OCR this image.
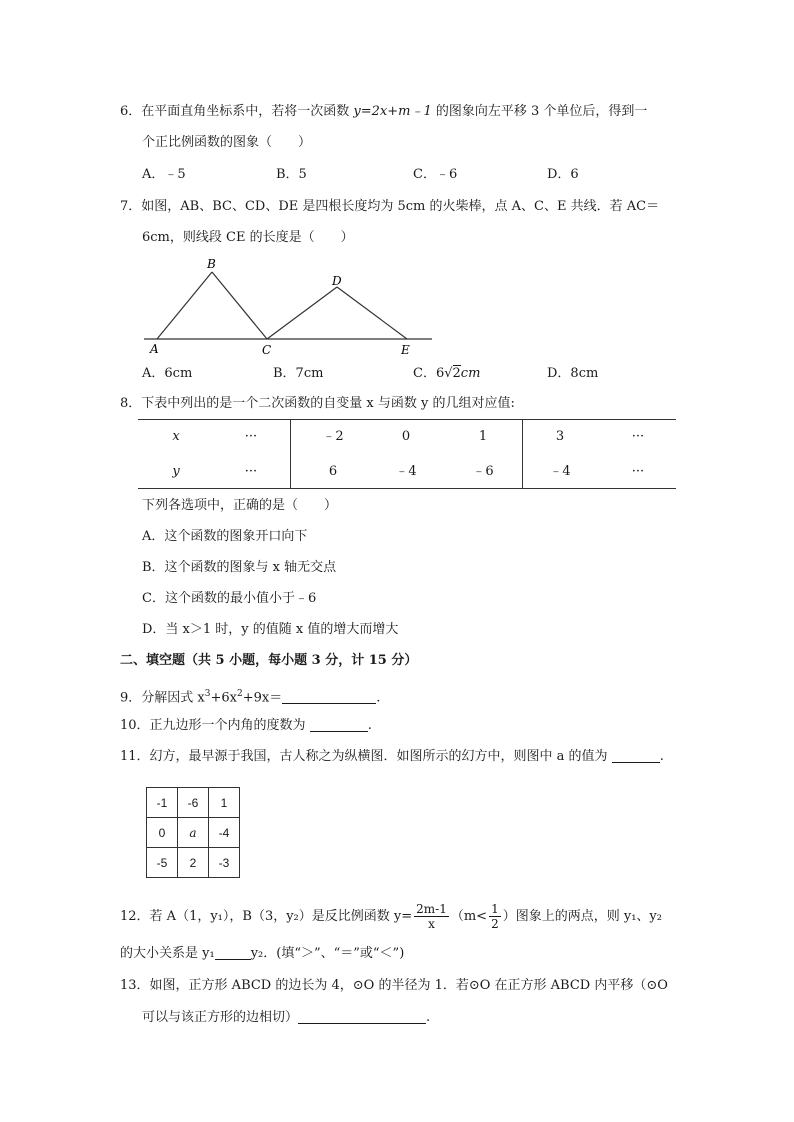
6．在平面直角坐标系中，若将一次函数 y=2x+m﹣1 的图象向左平移 3 个单位后，得到一
个正比例函数的图象（　　）
A．﹣5	B．5	C．﹣6	D．6
7．如图，AB、BC、CD、DE 是四根长度均为 5cm 的火柴棒，点 A、C、E 共线．若 AC＝
6cm，则线段 CE 的长度是（　　）
A
B
C
D
E
A．6cm	B．7cm	C．6√2cm	D．8cm
8．下表中列出的是一个二次函数的自变量 x 与函数 y 的几组对应值:
x	···	﹣2	0	1	3	···
y	···	6	﹣4	﹣6	﹣4	···
下列各选项中，正确的是（　　）
A．这个函数的图象开口向下
B．这个函数的图象与 x 轴无交点
C．这个函数的最小值小于﹣6
D．当 x＞1 时，y 的值随 x 值的增大而增大
二、填空题（共 5 小题，每小题 3 分，计 15 分）
9．分解因式 $x^3+6x^2+9x=$	.
10．正九边形一个内角的度数为	.
11．幻方，最早源于我国，古人称之为纵横图．如图所示的幻方中，则图中 a 的值为	.
-1	-6	1
0	a	-4
-5	2	-3
12．若 A（1，y₁），B（3，y₂）是反比例函数 $y= \frac{2m-1}{x} (m< \frac{1}{2}$ ）图象上的两点，则 y₁、y₂
的大小关系是 y₁	y₂．(填“＞”、“＝”或“＜”)
13．如图，正方形 ABCD 的边长为 4，⊙O 的半径为 1．若⊙O 在正方形 ABCD 内平移（⊙O
可以与该正方形的边相切）	.
